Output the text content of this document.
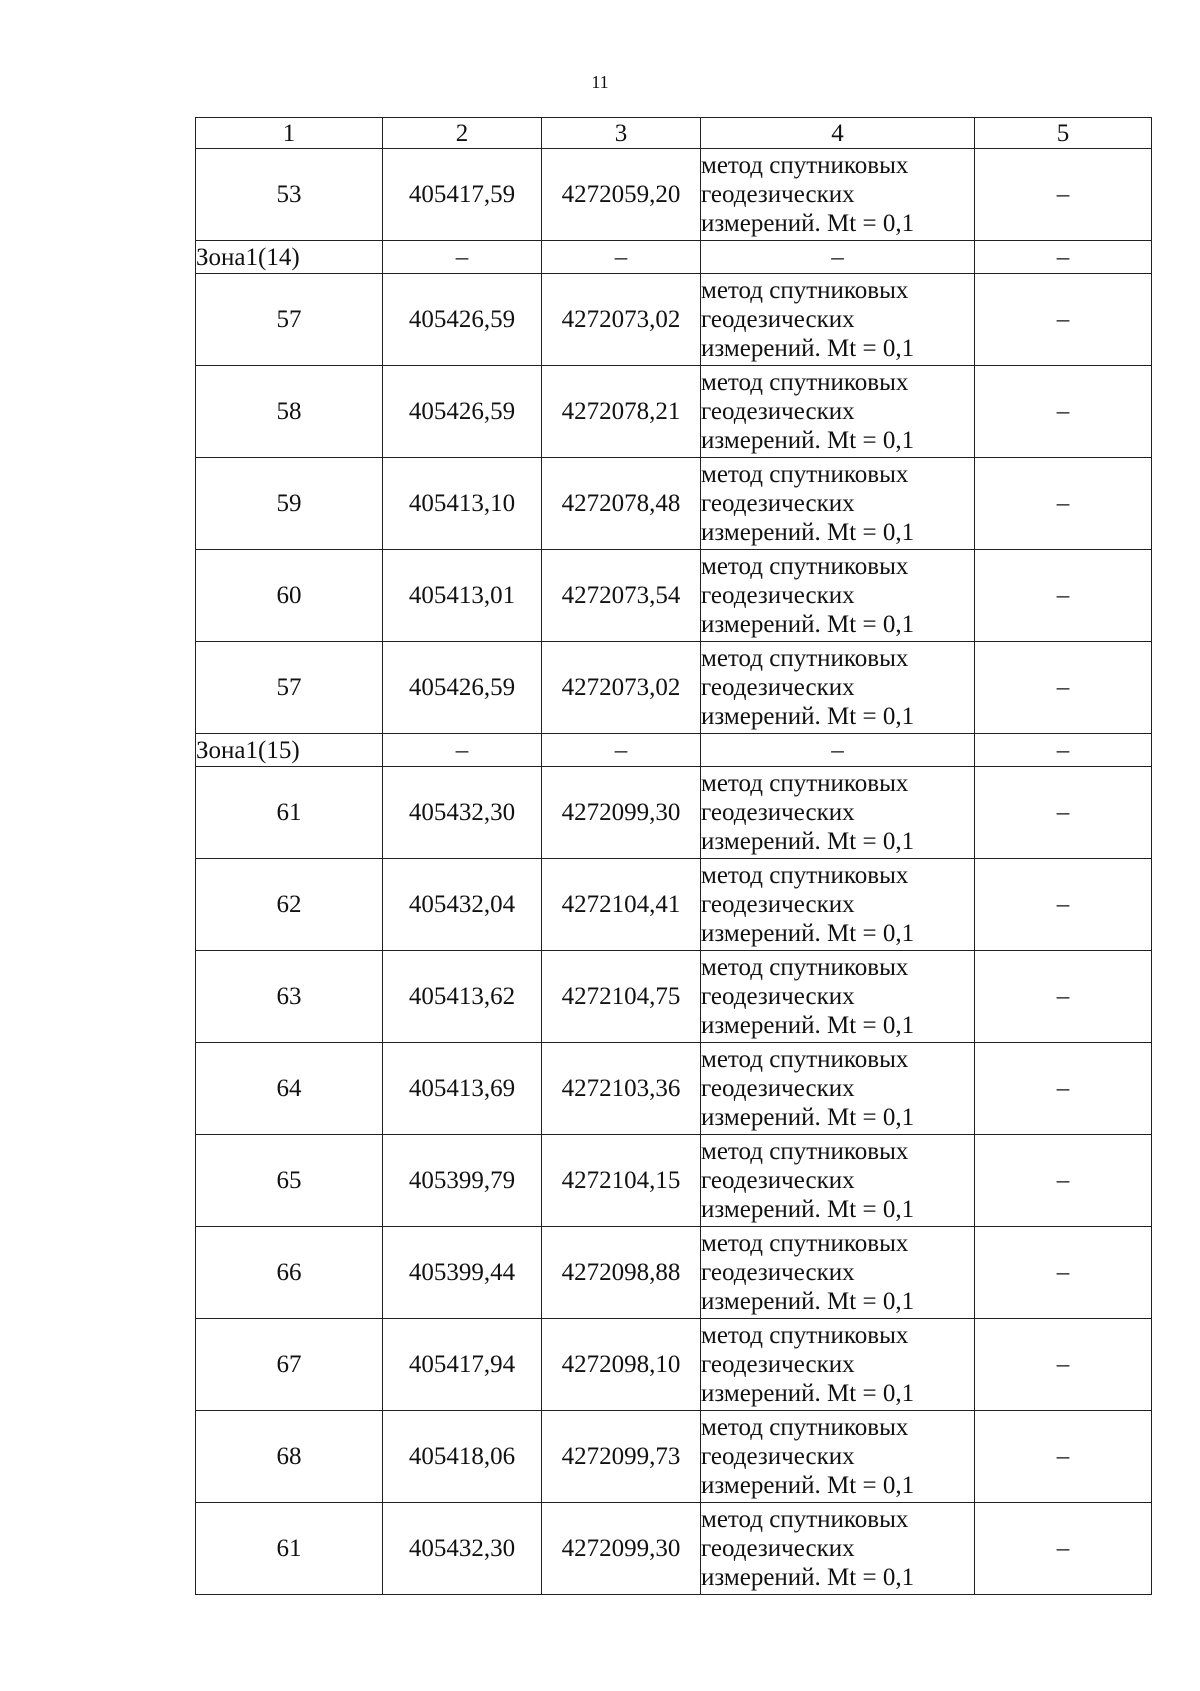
11
1	2	3	4	5
53	405417,59	4272059,20	метод спутниковых
геодезических
измерений. Mt = 0,1	–
Зона1(14)	–	–	–	–
57	405426,59	4272073,02	метод спутниковых
геодезических
измерений. Mt = 0,1	–
58	405426,59	4272078,21	метод спутниковых
геодезических
измерений. Mt = 0,1	–
59	405413,10	4272078,48	метод спутниковых
геодезических
измерений. Mt = 0,1	–
60	405413,01	4272073,54	метод спутниковых
геодезических
измерений. Mt = 0,1	–
57	405426,59	4272073,02	метод спутниковых
геодезических
измерений. Mt = 0,1	–
Зона1(15)	–	–	–	–
61	405432,30	4272099,30	метод спутниковых
геодезических
измерений. Mt = 0,1	–
62	405432,04	4272104,41	метод спутниковых
геодезических
измерений. Mt = 0,1	–
63	405413,62	4272104,75	метод спутниковых
геодезических
измерений. Mt = 0,1	–
64	405413,69	4272103,36	метод спутниковых
геодезических
измерений. Mt = 0,1	–
65	405399,79	4272104,15	метод спутниковых
геодезических
измерений. Mt = 0,1	–
66	405399,44	4272098,88	метод спутниковых
геодезических
измерений. Mt = 0,1	–
67	405417,94	4272098,10	метод спутниковых
геодезических
измерений. Mt = 0,1	–
68	405418,06	4272099,73	метод спутниковых
геодезических
измерений. Mt = 0,1	–
61	405432,30	4272099,30	метод спутниковых
геодезических
измерений. Mt = 0,1	–
